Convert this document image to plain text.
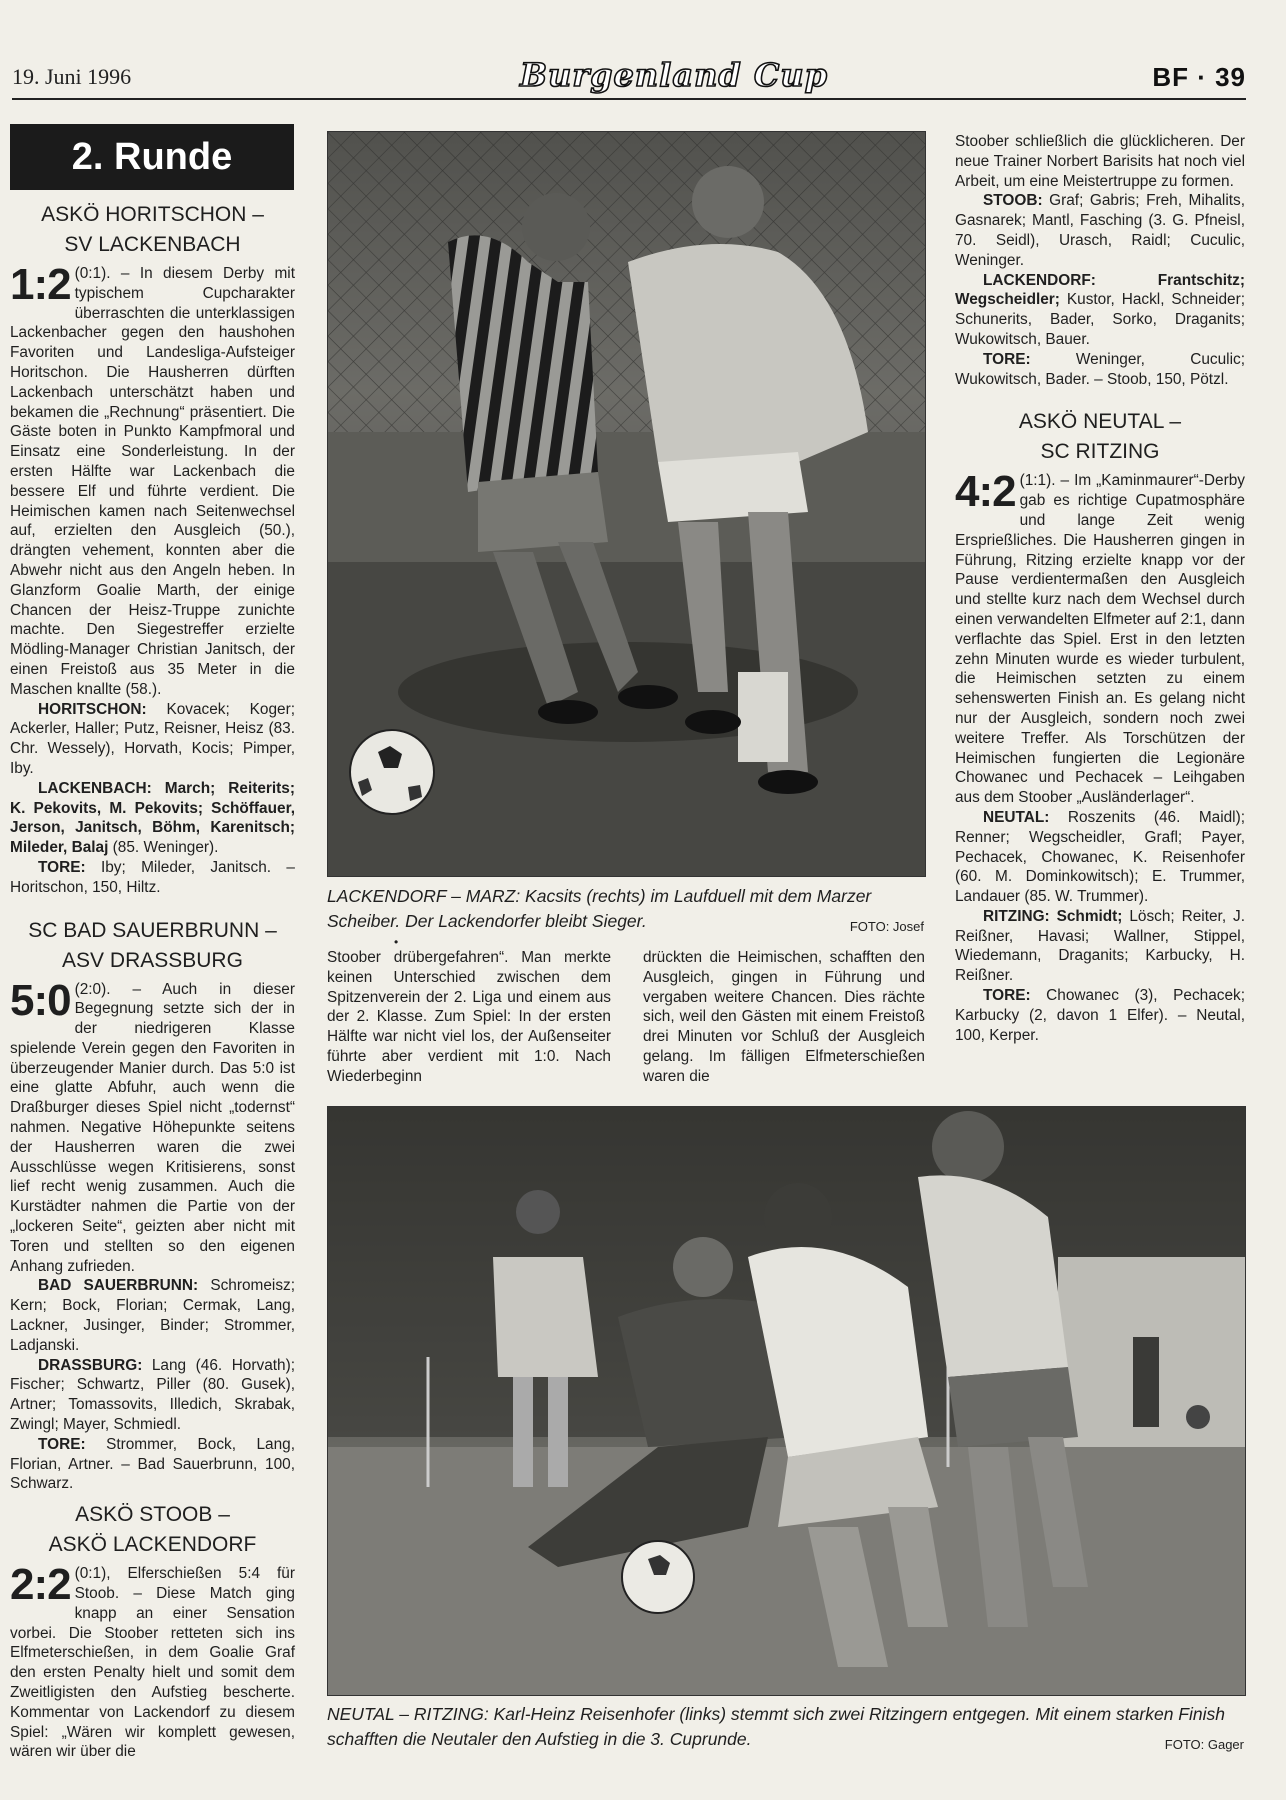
19. Juni 1996	Burgenland Cup	BF · 39
2. Runde
ASKÖ HORITSCHON –
SV LACKENBACH

1:2 (0:1). – In diesem Derby mit typischem Cupcharakter überraschten die unterklassigen Lackenbacher gegen den haushohen Favoriten und Landesliga-Aufsteiger Horitschon. Die Hausherren dürften Lackenbach unterschätzt haben und bekamen die „Rechnung“ präsentiert. Die Gäste boten in Punkto Kampfmoral und Einsatz eine Sonderleistung. In der ersten Hälfte war Lackenbach die bessere Elf und führte verdient. Die Heimischen kamen nach Seitenwechsel auf, erzielten den Ausgleich (50.), drängten vehement, konnten aber die Abwehr nicht aus den Angeln heben. In Glanzform Goalie Marth, der einige Chancen der Heisz-Truppe zunichte machte. Den Siegestreffer erzielte Mödling-Manager Christian Janitsch, der einen Freistoß aus 35 Meter in die Maschen knallte (58.).

HORITSCHON: Kovacek; Koger; Ackerler, Haller; Putz, Reisner, Heisz (83. Chr. Wessely), Horvath, Kocis; Pimper, Iby.

LACKENBACH: March; Reiterits; K. Pekovits, M. Pekovits; Schöffauer, Jerson, Janitsch, Böhm, Karenitsch; Mileder, Balaj (85. Weninger).

TORE: Iby; Mileder, Janitsch. – Horitschon, 150, Hiltz.

SC BAD SAUERBRUNN –
ASV DRASSBURG

5:0 (2:0). – Auch in dieser Begegnung setzte sich der in der niedrigeren Klasse spielende Verein gegen den Favoriten in überzeugender Manier durch. Das 5:0 ist eine glatte Abfuhr, auch wenn die Draßburger dieses Spiel nicht „todernst“ nahmen. Negative Höhepunkte seitens der Hausherren waren die zwei Ausschlüsse wegen Kritisierens, sonst lief recht wenig zusammen. Auch die Kurstädter nahmen die Partie von der „lockeren Seite“, geizten aber nicht mit Toren und stellten so den eigenen Anhang zufrieden.

BAD SAUERBRUNN: Schromeisz; Kern; Bock, Florian; Cermak, Lang, Lackner, Jusinger, Binder; Strommer, Ladjanski.

DRASSBURG: Lang (46. Horvath); Fischer; Schwartz, Piller (80. Gusek), Artner; Tomassovits, Illedich, Skrabak, Zwingl; Mayer, Schmiedl.

TORE: Strommer, Bock, Lang, Florian, Artner. – Bad Sauerbrunn, 100, Schwarz.

ASKÖ STOOB –
ASKÖ LACKENDORF

2:2 (0:1), Elferschießen 5:4 für Stoob. – Diese Match ging knapp an einer Sensation vorbei. Die Stoober retteten sich ins Elfmeterschießen, in dem Goalie Graf den ersten Penalty hielt und somit dem Zweitligisten den Aufstieg bescherte. Kommentar von Lackendorf zu diesem Spiel: „Wären wir komplett gewesen, wären wir über die

LACKENDORF – MARZ: Kacsits (rechts) im Laufduell mit dem Marzer Scheiber. Der Lackendorfer bleibt Sieger.	FOTO: Josef
•

Stoober drübergefahren“. Man merkte keinen Unterschied zwischen dem Spitzenverein der 2. Liga und einem aus der 2. Klasse. Zum Spiel: In der ersten Hälfte war nicht viel los, der Außenseiter führte aber verdient mit 1:0. Nach Wiederbeginn

drückten die Heimischen, schafften den Ausgleich, gingen in Führung und vergaben weitere Chancen. Dies rächte sich, weil den Gästen mit einem Freistoß drei Minuten vor Schluß der Ausgleich gelang. Im fälligen Elfmeterschießen waren die

NEUTAL – RITZING: Karl-Heinz Reisenhofer (links) stemmt sich zwei Ritzingern entgegen. Mit einem starken Finish schafften die Neutaler den Aufstieg in die 3. Cuprunde.	FOTO: Gager

Stoober schließlich die glücklicheren. Der neue Trainer Norbert Barisits hat noch viel Arbeit, um eine Meistertruppe zu formen.

STOOB: Graf; Gabris; Freh, Mihalits, Gasnarek; Mantl, Fasching (3. G. Pfneisl, 70. Seidl), Urasch, Raidl; Cuculic, Weninger.

LACKENDORF: Frantschitz; Wegscheidler; Kustor, Hackl, Schneider; Schunerits, Bader, Sorko, Draganits; Wukowitsch, Bauer.

TORE: Weninger, Cuculic; Wukowitsch, Bader. – Stoob, 150, Pötzl.

ASKÖ NEUTAL –
SC RITZING

4:2 (1:1). – Im „Kaminmaurer“-Derby gab es richtige Cupatmosphäre und lange Zeit wenig Ersprießliches. Die Hausherren gingen in Führung, Ritzing erzielte knapp vor der Pause verdientermaßen den Ausgleich und stellte kurz nach dem Wechsel durch einen verwandelten Elfmeter auf 2:1, dann verflachte das Spiel. Erst in den letzten zehn Minuten wurde es wieder turbulent, die Heimischen setzten zu einem sehenswerten Finish an. Es gelang nicht nur der Ausgleich, sondern noch zwei weitere Treffer. Als Torschützen der Heimischen fungierten die Legionäre Chowanec und Pechacek – Leihgaben aus dem Stoober „Ausländerlager“.

NEUTAL: Roszenits (46. Maidl); Renner; Wegscheidler, Grafl; Payer, Pechacek, Chowanec, K. Reisenhofer (60. M. Dominkowitsch); E. Trummer, Landauer (85. W. Trummer).

RITZING: Schmidt; Lösch; Reiter, J. Reißner, Havasi; Wallner, Stippel, Wiedemann, Draganits; Karbucky, H. Reißner.

TORE: Chowanec (3), Pechacek; Karbucky (2, davon 1 Elfer). – Neutal, 100, Kerper.
